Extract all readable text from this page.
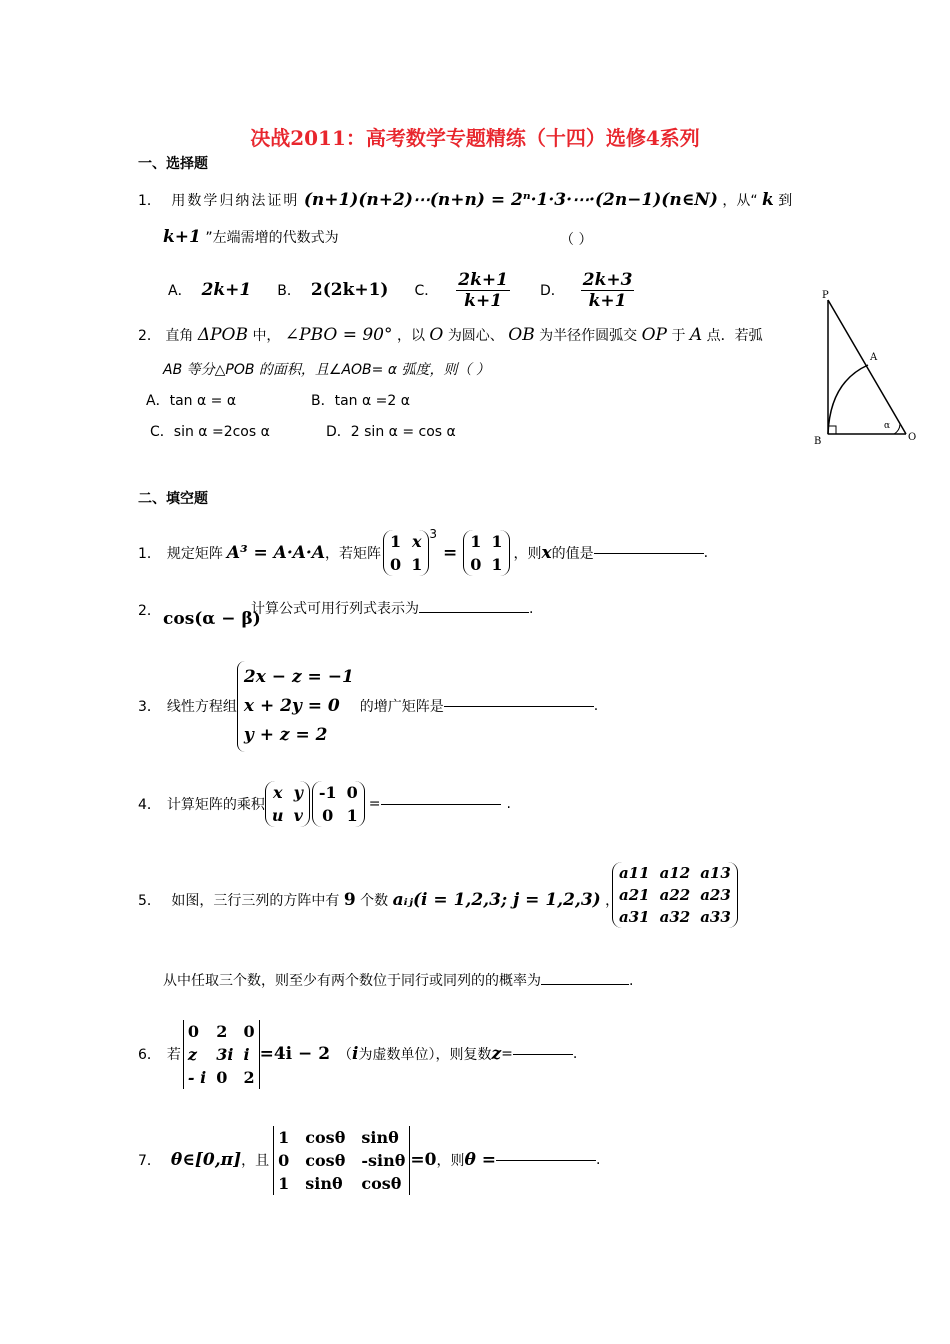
决战2011：高考数学专题精练（十四）选修4系列
一、选择题
1． 用数学归纳法证明 (n+1)(n+2)⋯(n+n) = 2ⁿ·1·3·⋯·(2n−1)(n∈N) ，从“ k 到
k+1 ”左端需增的代数式为	（ ）
A． 2k+1 B． 2(2k+1) C． $\frac{2k+1}{k+1}$ D． $\frac{2k+3}{k+1}$
2． 直角 ΔPOB 中， ∠PBO = 90° ，以 O 为圆心、 OB 为半径作圆弧交 OP 于 A 点．若弧
AB 等分△POB 的面积，且∠AOB= α 弧度，则（ ）
A．tan α = α	B．tan α =2 α
C．sin α =2cos α	D．2 sin α = cos α
P
A
B	O
α
二、填空题
1． 规定矩阵 A³ = A·A·A ，若矩阵
1 x
0 1
3
=
1 1
0 1
，则 x 的值是	.
2． cos(α − β)
计算公式可用行列式表示为	.
3． 线性方程组
2x − z = −1
x + 2y = 0
y + z = 2
的增广矩阵是	.
4． 计算矩阵的乘积
x y
u v
-1 0
0 1
=	.
5． 如图，三行三列的方阵中有 9 个数 aᵢⱼ(i = 1,2,3; j = 1,2,3) ，
a11 a12 a13
a21 a22 a23
a31 a32 a33
从中任取三个数，则至少有两个数位于同行或同列的的概率为	.
6． 若
0	2	0
z	3i i
- i 0	2
=4i − 2 （ i 为虚数单位），则复数 z =	.
7． θ∈[0,π] ，且
1 cosθ sinθ
0 cosθ -sinθ
1 sinθ cosθ
=0 ，则 θ =	.
